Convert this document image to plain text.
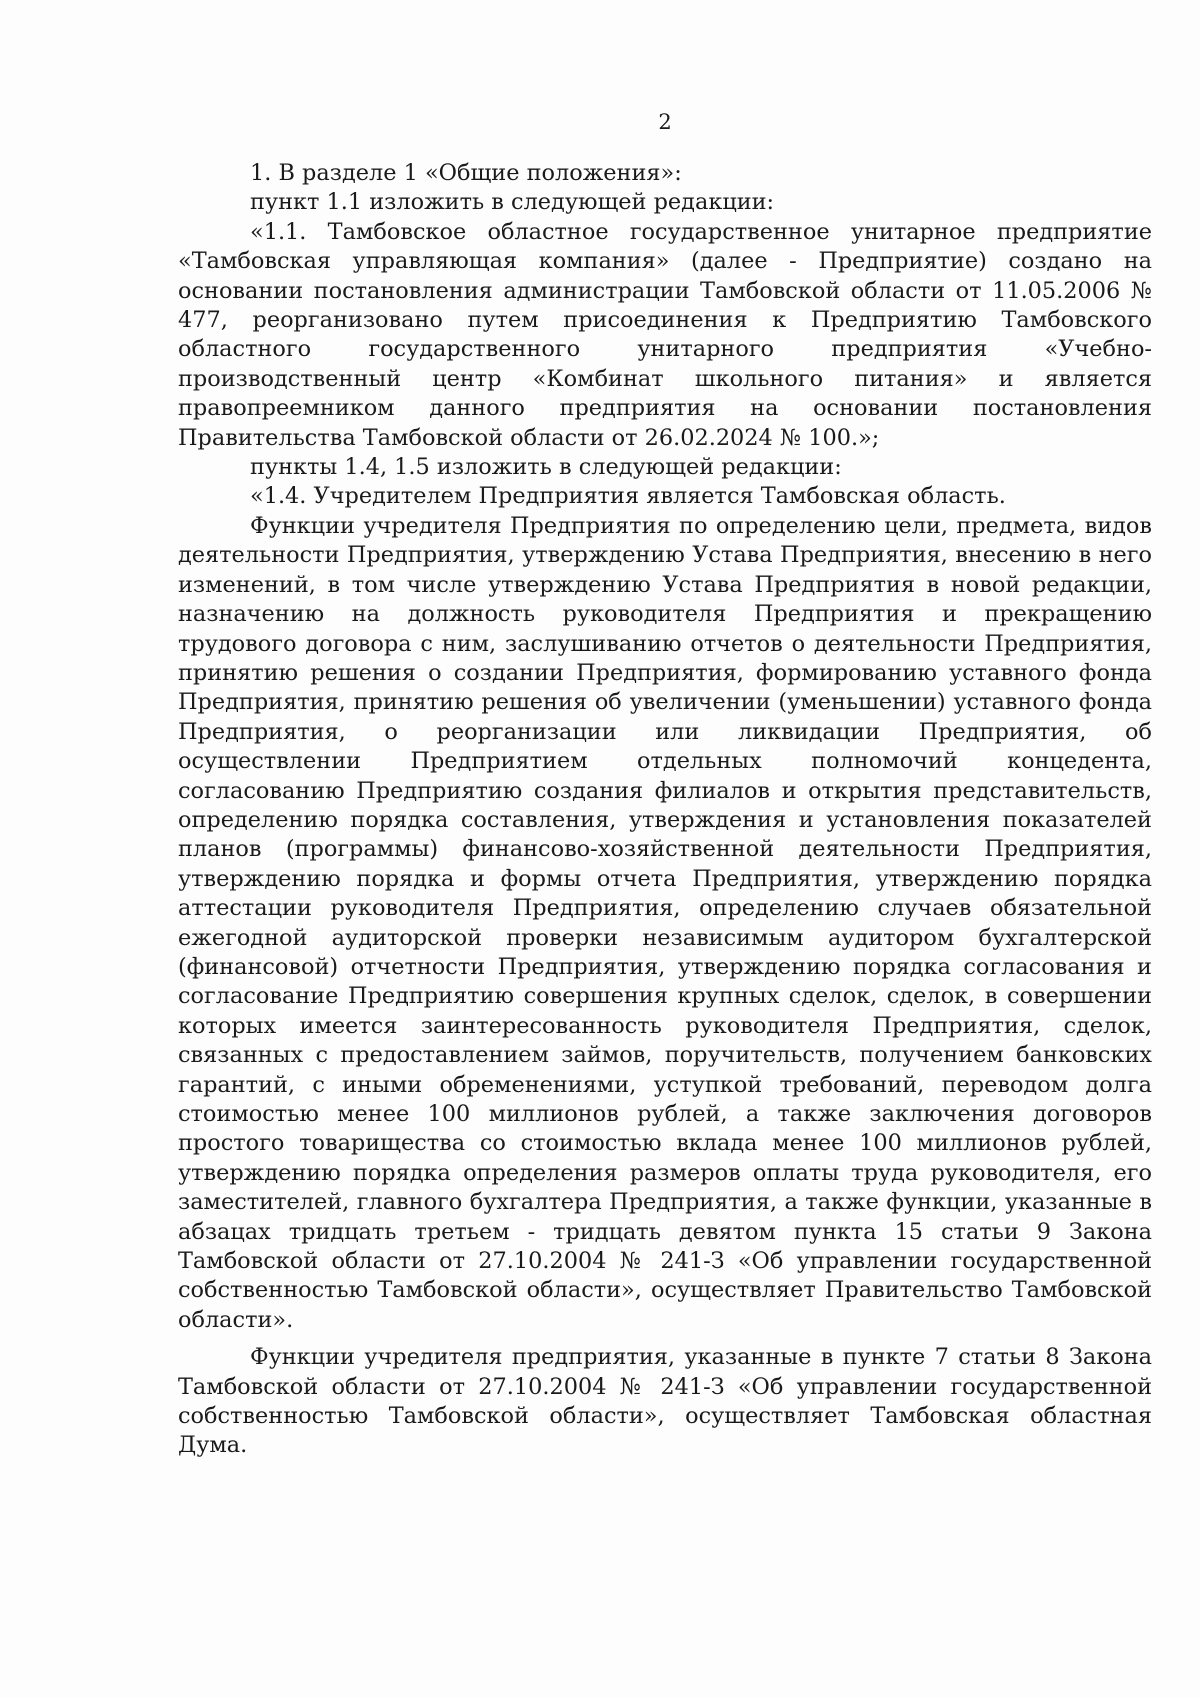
2

1. В разделе 1 «Общие положения»:

пункт 1.1 изложить в следующей редакции:

«1.1. Тамбовское областное государственное унитарное предприятие «Тамбовская управляющая компания» (далее - Предприятие) создано на основании постановления администрации Тамбовской области от 11.05.2006 № 477, реорганизовано путем присоединения к Предприятию Тамбовского областного государственного унитарного предприятия «Учебно-производственный центр «Комбинат школьного питания» и является правопреемником данного предприятия на основании постановления Правительства Тамбовской области от 26.02.2024 № 100.»;

пункты 1.4, 1.5 изложить в следующей редакции:

«1.4. Учредителем Предприятия является Тамбовская область.

Функции учредителя Предприятия по определению цели, предмета, видов деятельности Предприятия, утверждению Устава Предприятия, внесению в него изменений, в том числе утверждению Устава Предприятия в новой редакции, назначению на должность руководителя Предприятия и прекращению трудового договора с ним, заслушиванию отчетов о деятельности Предприятия, принятию решения о создании Предприятия, формированию уставного фонда Предприятия, принятию решения об увеличении (уменьшении) уставного фонда Предприятия, о реорганизации или ликвидации Предприятия, об осуществлении Предприятием отдельных полномочий концедента, согласованию Предприятию создания филиалов и открытия представительств, определению порядка составления, утверждения и установления показателей планов (программы) финансово-хозяйственной деятельности Предприятия, утверждению порядка и формы отчета Предприятия, утверждению порядка аттестации руководителя Предприятия, определению случаев обязательной ежегодной аудиторской проверки независимым аудитором бухгалтерской (финансовой) отчетности Предприятия, утверждению порядка согласования и согласование Предприятию совершения крупных сделок, сделок, в совершении которых имеется заинтересованность руководителя Предприятия, сделок, связанных с предоставлением займов, поручительств, получением банковских гарантий, с иными обременениями, уступкой требований, переводом долга стоимостью менее 100 миллионов рублей, а также заключения договоров простого товарищества со стоимостью вклада менее 100 миллионов рублей, утверждению порядка определения размеров оплаты труда руководителя, его заместителей, главного бухгалтера Предприятия, а также функции, указанные в абзацах тридцать третьем - тридцать девятом пункта 15 статьи 9 Закона Тамбовской области от 27.10.2004 № 241-З «Об управлении государственной собственностью Тамбовской области», осуществляет Правительство Тамбовской области».

Функции учредителя предприятия, указанные в пункте 7 статьи 8 Закона Тамбовской области от 27.10.2004 № 241-З «Об управлении государственной собственностью Тамбовской области», осуществляет Тамбовская областная Дума.
